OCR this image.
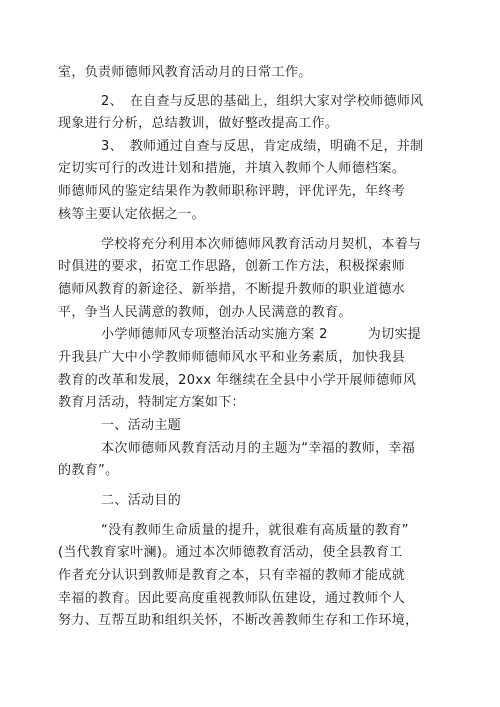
室，负责师德师风教育活动月的日常工作。
2、　在自查与反思的基础上，组织大家对学校师德师风
现象进行分析，总结教训，做好整改提高工作。
3、　教师通过自查与反思，肯定成绩，明确不足，并制
定切实可行的改进计划和措施，并填入教师个人师德档案。
师德师风的鉴定结果作为教师职称评聘，评优评先，年终考
核等主要认定依据之一。
学校将充分利用本次师德师风教育活动月契机，本着与
时俱进的要求，拓宽工作思路，创新工作方法，积极探索师
德师风教育的新途径、新举措，不断提升教师的职业道德水
平，争当人民满意的教师，创办人民满意的教育。
小学师德师风专项整治活动实施方案 2　　　为切实提
升我县广大中小学教师师德师风水平和业务素质，加快我县
教育的改革和发展，20xx 年继续在全县中小学开展师德师风
教育月活动，特制定方案如下：
一、活动主题
本次师德师风教育活动月的主题为“幸福的教师，幸福
的教育”。
二、活动目的
“没有教师生命质量的提升，就很难有高质量的教育”
(当代教育家叶澜)。通过本次师德教育活动，使全县教育工
作者充分认识到教师是教育之本，只有幸福的教师才能成就
幸福的教育。因此要高度重视教师队伍建设，通过教师个人
努力、互帮互助和组织关怀，不断改善教师生存和工作环境，
